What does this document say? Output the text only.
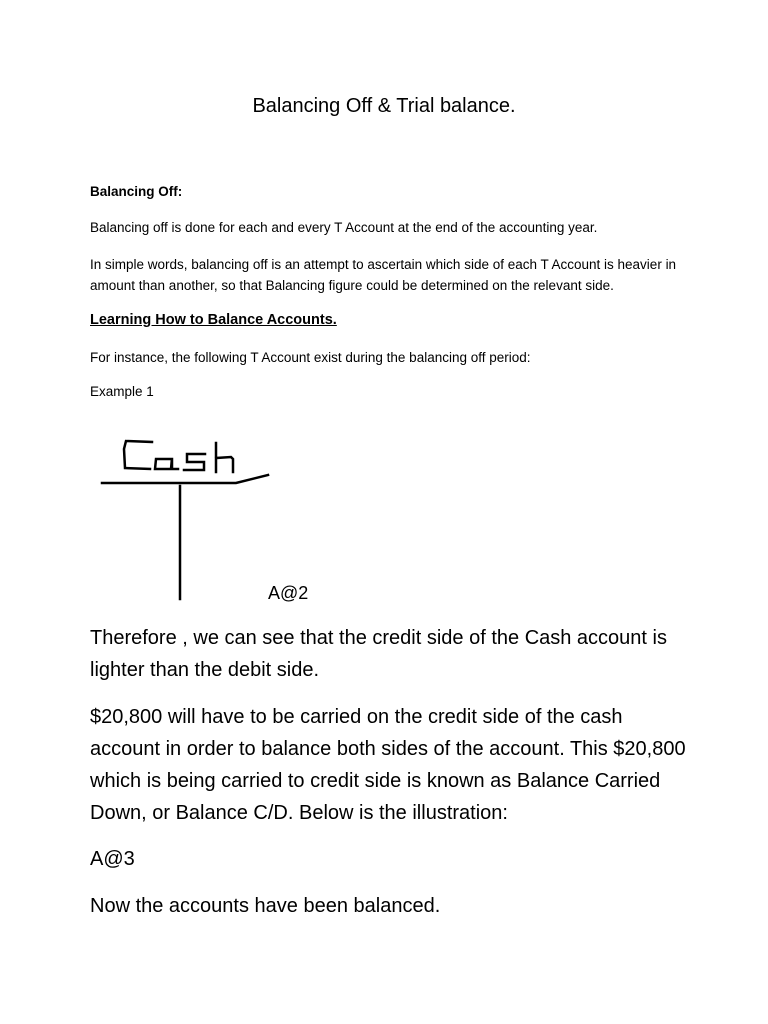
Balancing Off & Trial balance.
Balancing Off:
Balancing off is done for each and every T Account at the end of the accounting year.
In simple words, balancing off is an attempt to ascertain which side of each T Account is heavier in amount than another, so that Balancing figure could be determined on the relevant side.
Learning How to Balance Accounts.
For instance, the following T Account exist during the balancing off period:
Example 1
A@2
Therefore , we can see that the credit side of the Cash account is lighter than the debit side.
$20,800 will have to be carried on the credit side of the cash account in order to balance both sides of the account. This $20,800 which is being carried to credit side is known as Balance Carried Down, or Balance C/D. Below is the illustration:
A@3
Now the accounts have been balanced.
